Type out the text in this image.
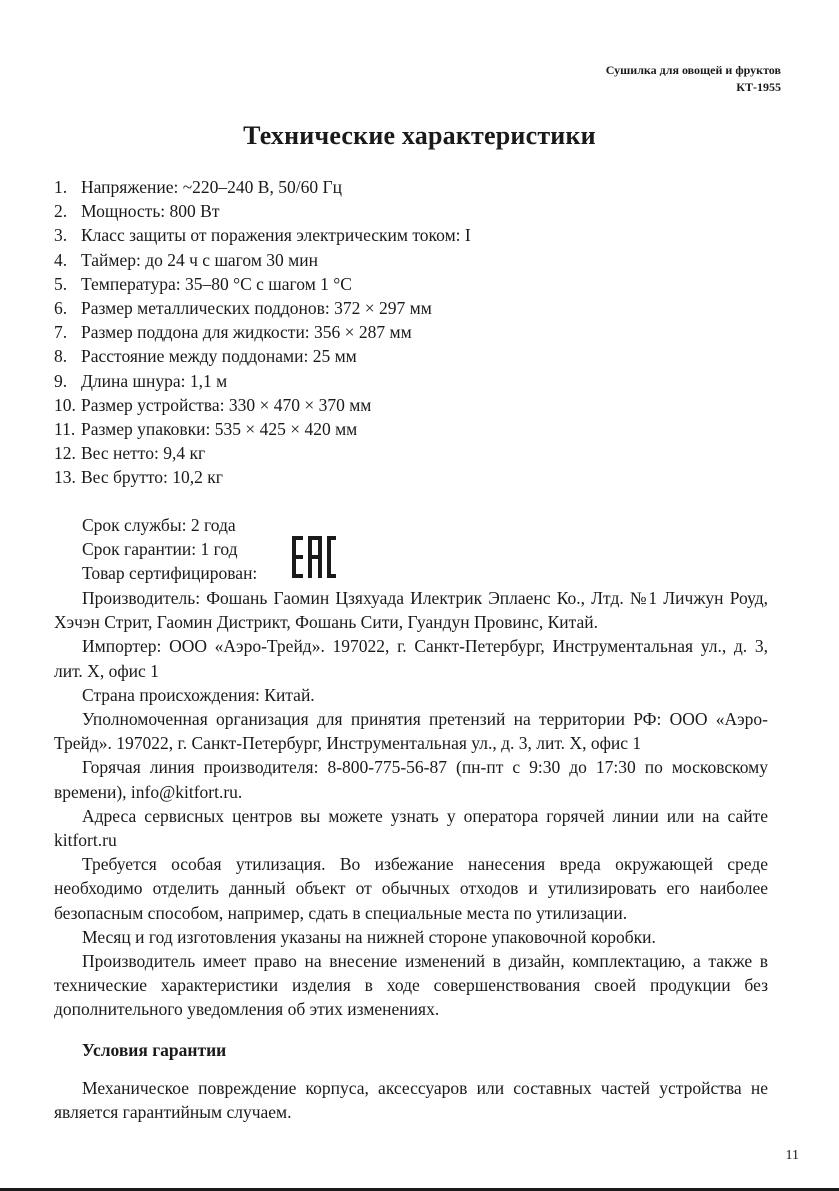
Сушилка для овощей и фруктов
КТ-1955
Технические характеристики
1. Напряжение: ~220–240 В, 50/60 Гц
2. Мощность: 800 Вт
3. Класс защиты от поражения электрическим током: I
4. Таймер: до 24 ч с шагом 30 мин
5. Температура: 35–80 °С с шагом 1 °С
6. Размер металлических поддонов: 372 × 297 мм
7. Размер поддона для жидкости: 356 × 287 мм
8. Расстояние между поддонами: 25 мм
9. Длина шнура: 1,1 м
10. Размер устройства: 330 × 470 × 370 мм
11. Размер упаковки: 535 × 425 × 420 мм
12. Вес нетто: 9,4 кг
13. Вес брутто: 10,2 кг
Срок службы: 2 года
Срок гарантии: 1 год
Товар сертифицирован:

Производитель: Фошань Гаомин Цзяхуада Илектрик Эплаенс Ко., Лтд. №1 Личжун Роуд, Хэчэн Стрит, Гаомин Дистрикт, Фошань Сити, Гуандун Провинс, Китай.

Импортер: ООО «Аэро-Трейд». 197022, г. Санкт-Петербург, Инструментальная ул., д. 3, лит. Х, офис 1

Страна происхождения: Китай.

Уполномоченная организация для принятия претензий на территории РФ: ООО «Аэро-Трейд». 197022, г. Санкт-Петербург, Инструментальная ул., д. 3, лит. Х, офис 1

Горячая линия производителя: 8-800-775-56-87 (пн-пт с 9:30 до 17:30 по московскому времени), info@kitfort.ru.

Адреса сервисных центров вы можете узнать у оператора горячей линии или на сайте kitfort.ru

Требуется особая утилизация. Во избежание нанесения вреда окружающей среде необходимо отделить данный объект от обычных отходов и утилизировать его наиболее безопасным способом, например, сдать в специальные места по утилизации.

Месяц и год изготовления указаны на нижней стороне упаковочной коробки.

Производитель имеет право на внесение изменений в дизайн, комплектацию, а также в технические характеристики изделия в ходе совершенствования своей продукции без дополнительного уведомления об этих изменениях.

Условия гарантии

Механическое повреждение корпуса, аксессуаров или составных частей устройства не является гарантийным случаем.

11
